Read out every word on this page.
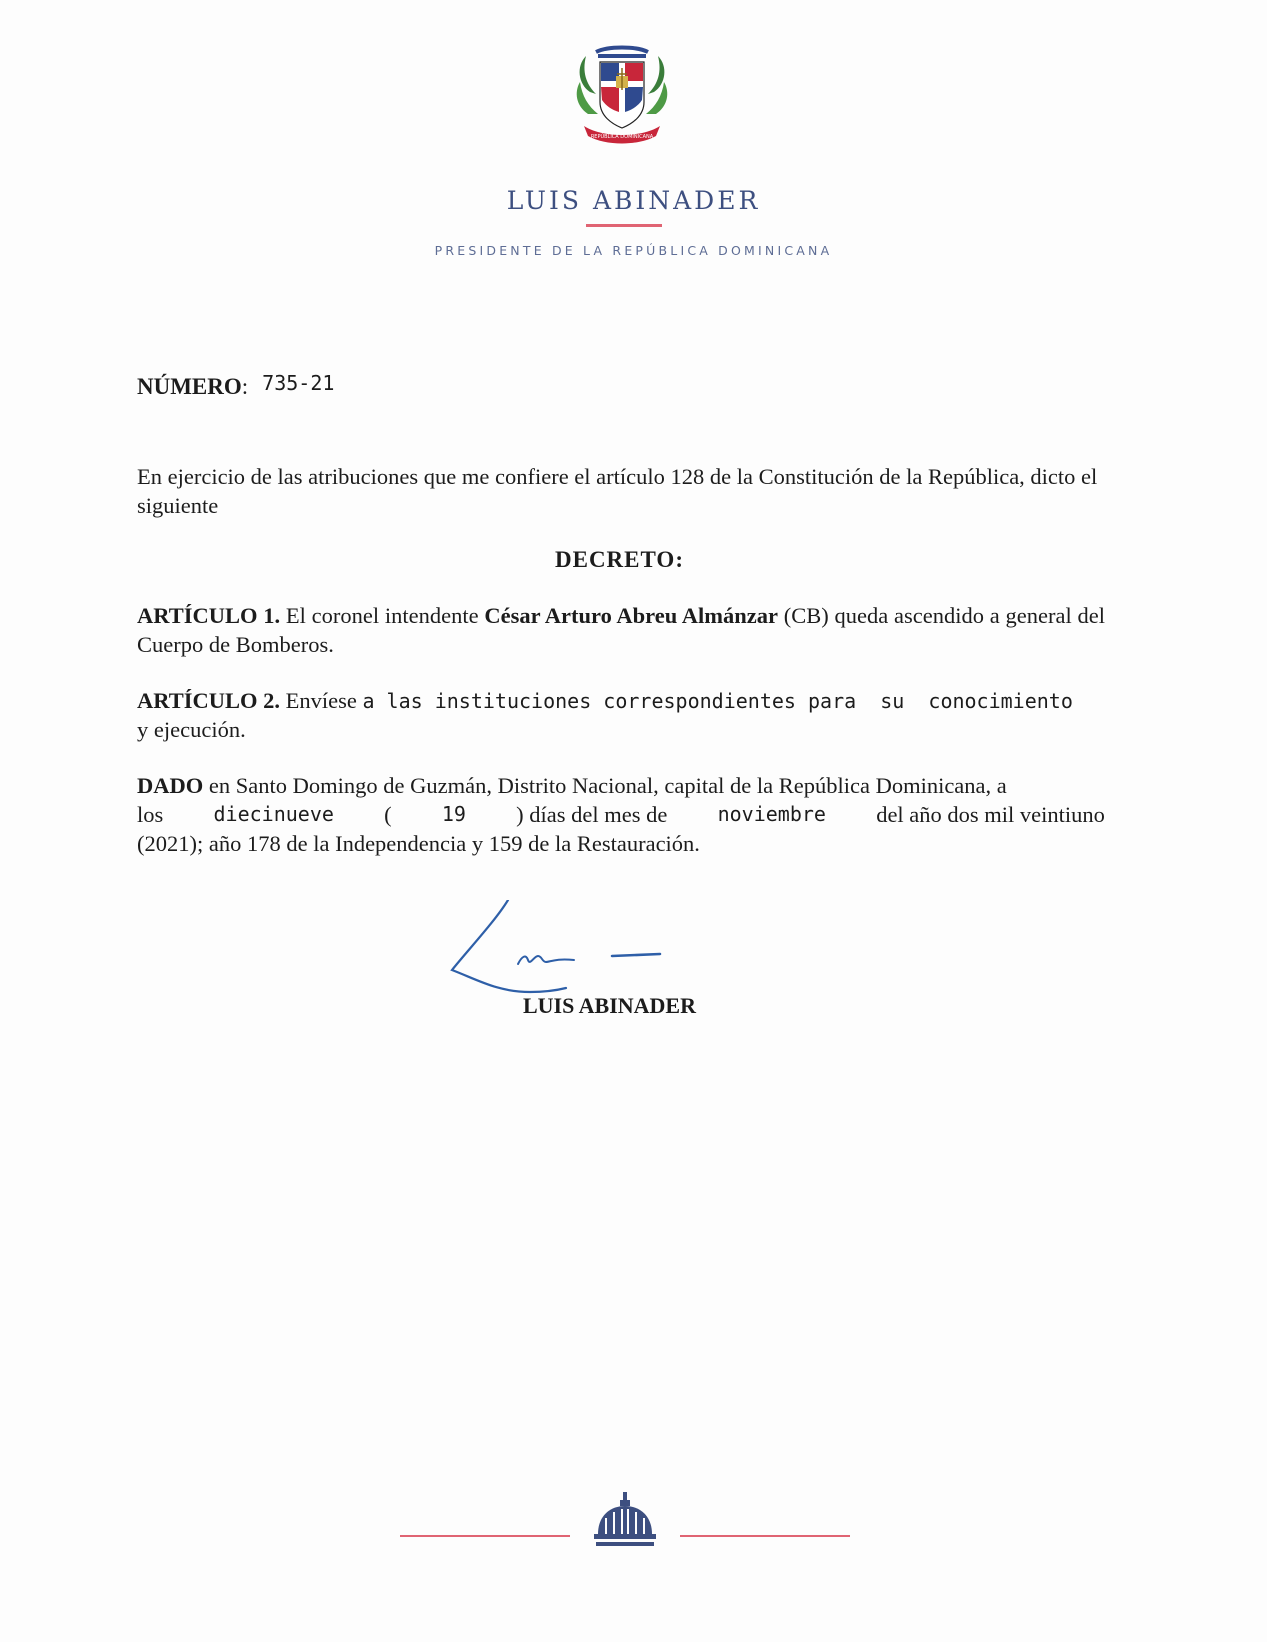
REPÚBLICA DOMINICANA
LUIS ABINADER
PRESIDENTE DE LA REPÚBLICA DOMINICANA
NÚMERO: 735-21
En ejercicio de las atribuciones que me confiere el artículo 128 de la Constitución de la República, dicto el siguiente
DECRETO:
ARTÍCULO 1. El coronel intendente César Arturo Abreu Almánzar (CB) queda ascendido a general del Cuerpo de Bomberos.
ARTÍCULO 2. Envíese a las instituciones correspondientes para  su  conocimiento
y ejecución.
DADO en Santo Domingo de Guzmán, Distrito Nacional, capital de la República Dominicana, a
los	diecinueve (	19 ) días del mes de	noviembre del año dos mil veintiuno
(2021); año 178 de la Independencia y 159 de la Restauración.
LUIS ABINADER
